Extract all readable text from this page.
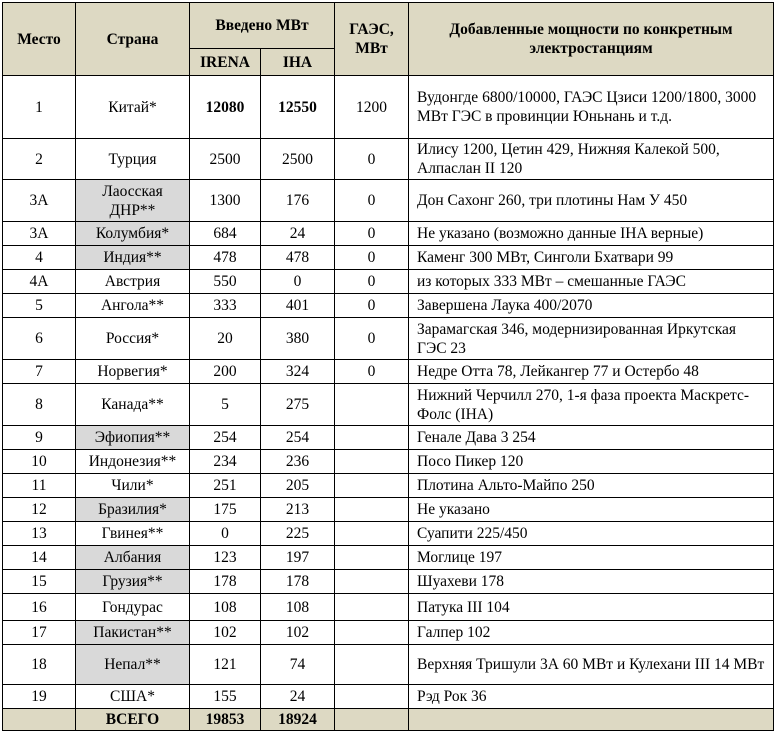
Место	Страна	Введено МВт		ГАЭС, МВт	Добавленные мощности по конкретным электростанциям
		IRENA	IHA		
1	Китай*	12080	12550	1200	Вудонгде 6800/10000, ГАЭС Цзиси 1200/1800, 3000 МВт ГЭС в провинции Юньнань и т.д.
2	Турция	2500	2500	0	Илису 1200, Цетин 429, Нижняя Калекой 500, Алпаслан II 120
3А	Лаосская ДНР**	1300	176	0	Дон Сахонг 260, три плотины Нам У 450
3А	Колумбия*	684	24	0	Не указано (возможно данные IHA верные)
4	Индия**	478	478	0	Каменг 300 МВт, Синголи Бхатвари 99
4А	Австрия	550	0	0	из которых 333 МВт – смешанные ГАЭС
5	Ангола**	333	401	0	Завершена Лаука 400/2070
6	Россия*	20	380	0	Зарамагская 346, модернизированная Иркутская ГЭС 23
7	Норвегия*	200	324	0	Недре Отта 78, Лейкангер 77 и Остербо 48
8	Канада**	5	275		Нижний Черчилл 270, 1-я фаза проекта Маскретс-Фолс (IHA)
9	Эфиопия**	254	254		Генале Дава 3 254
10	Индонезия**	234	236		Посо Пикер 120
11	Чили*	251	205		Плотина Альто-Майпо 250
12	Бразилия*	175	213		Не указано
13	Гвинея**	0	225		Суапити 225/450
14	Албания	123	197		Моглице 197
15	Грузия**	178	178		Шуахеви 178
16	Гондурас	108	108		Патука III 104
17	Пакистан**	102	102		Галпер 102
18	Непал**	121	74		Верхняя Тришули 3А 60 МВт и Кулехани III 14 МВт
19	США*	155	24		Рэд Рок 36
	ВСЕГО	19853	18924		
